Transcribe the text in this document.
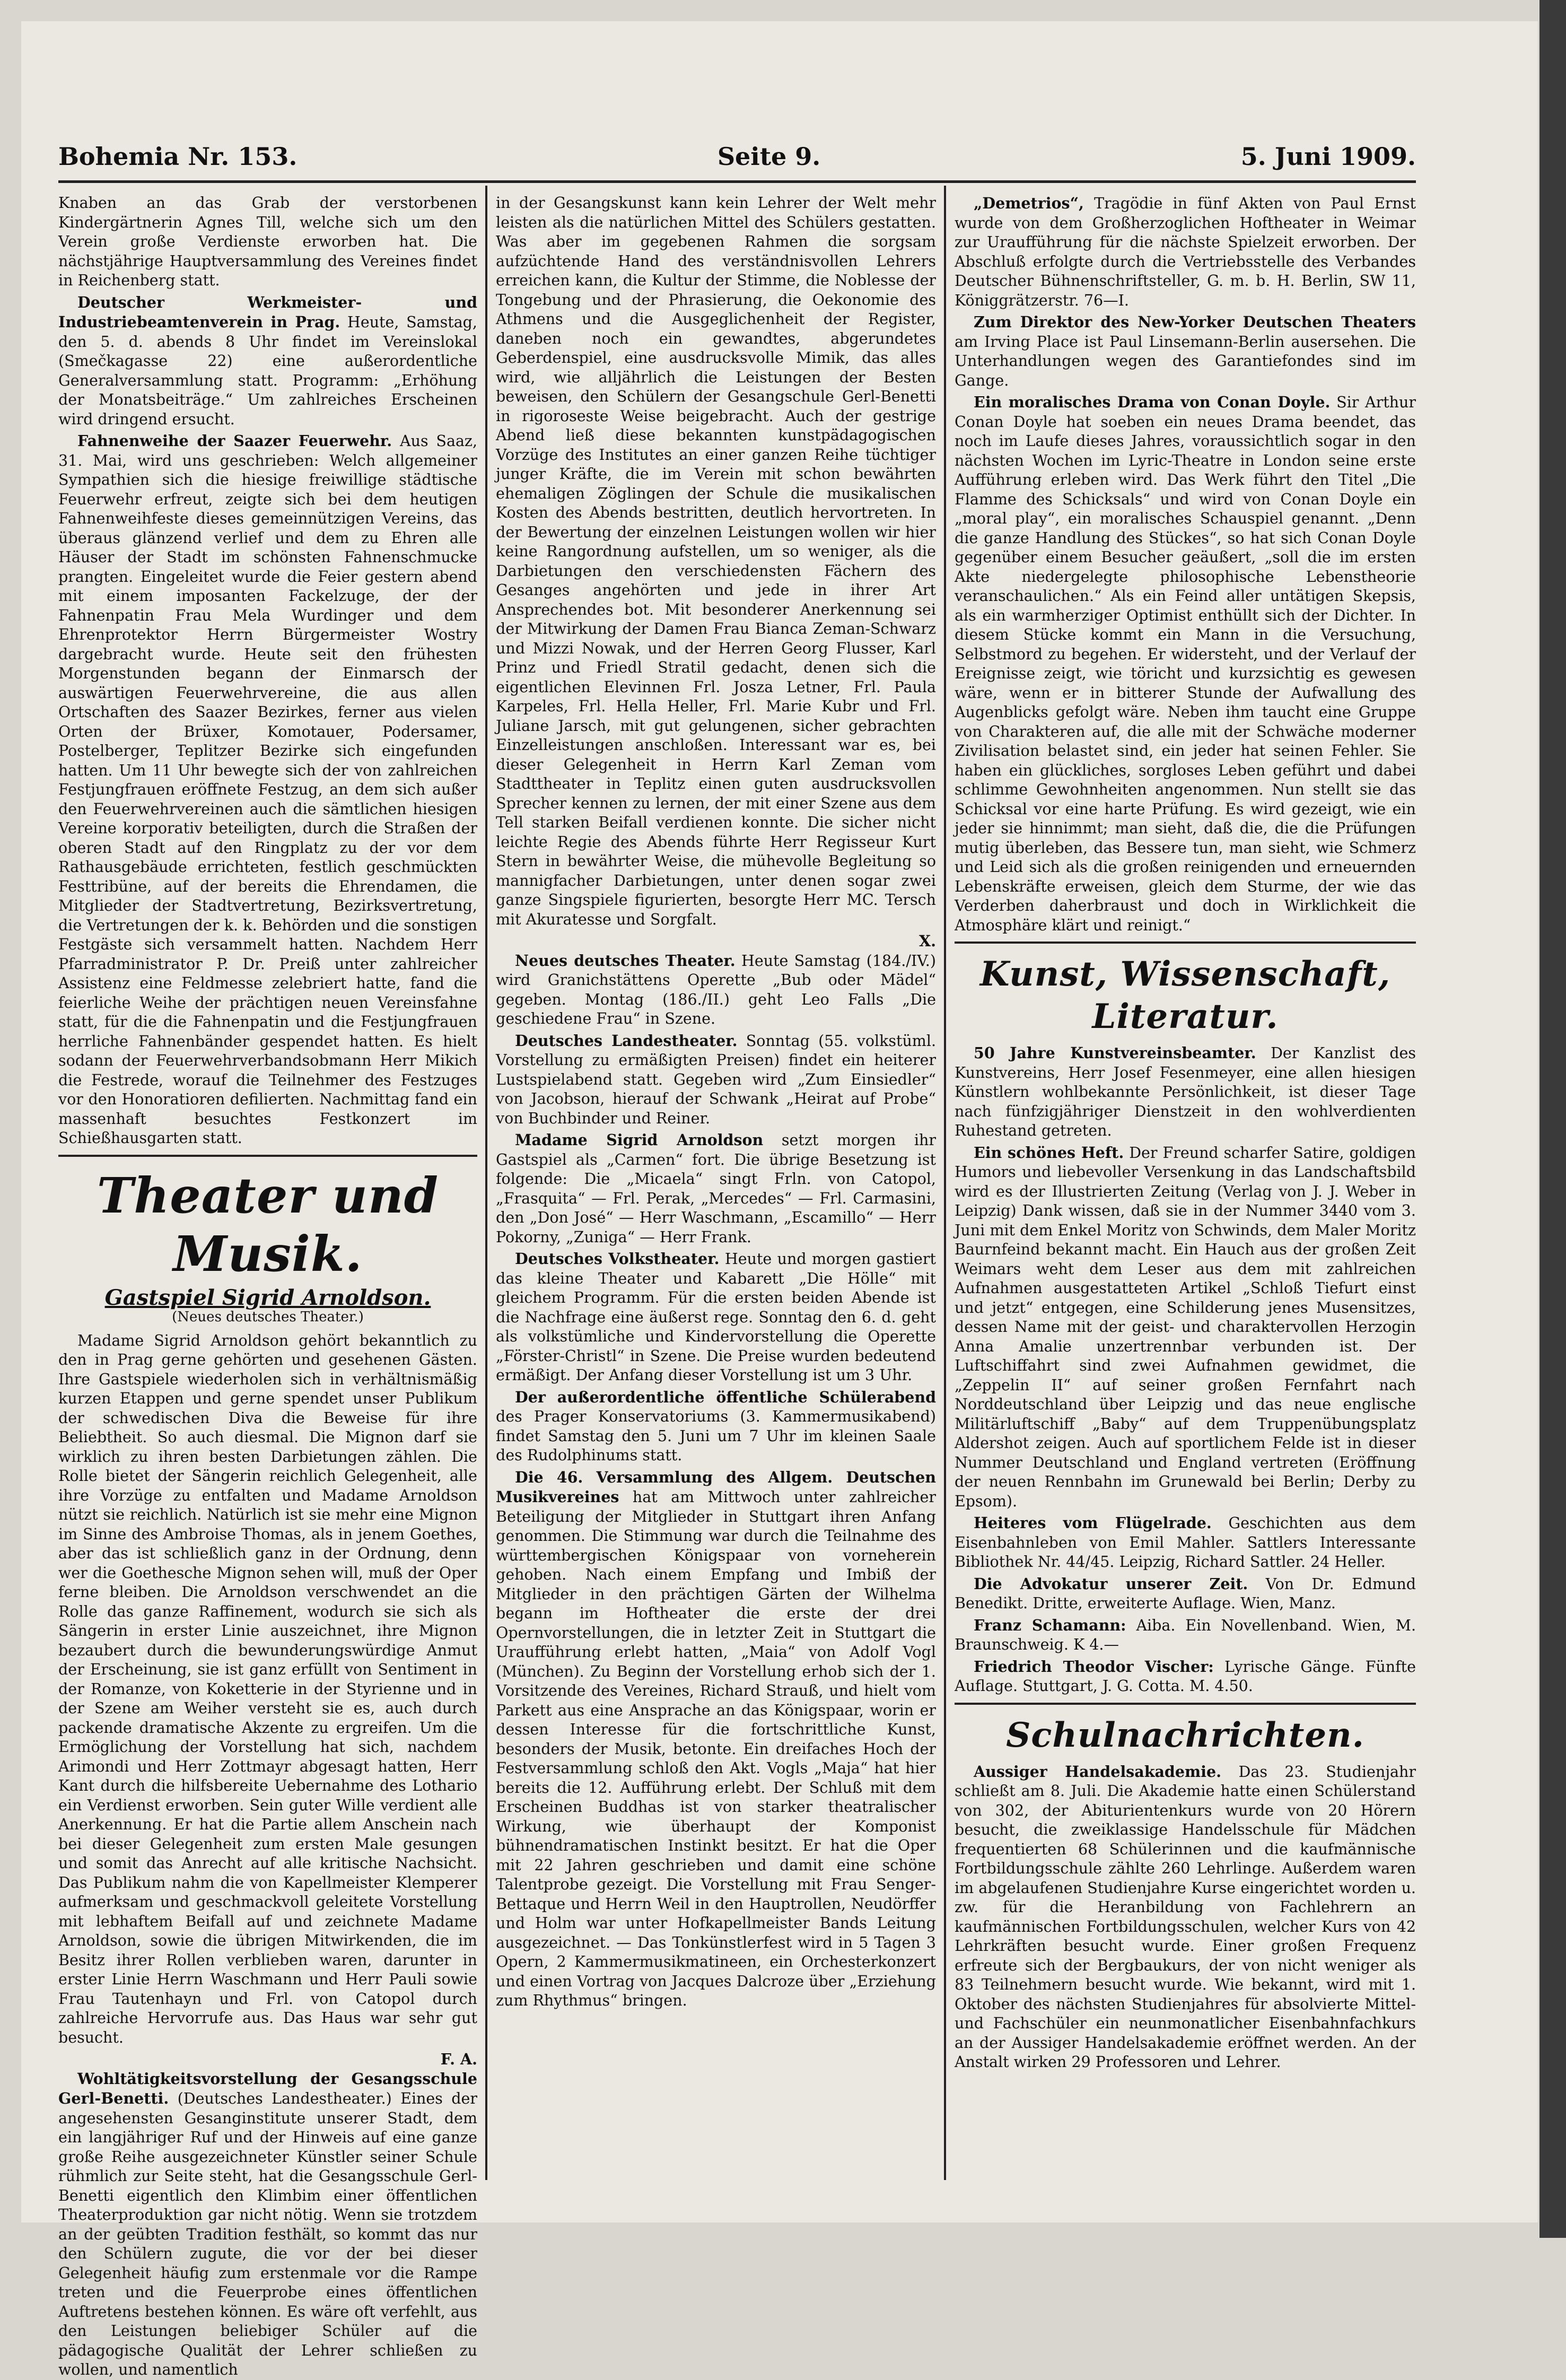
Bohemia Nr. 153.	Seite 9.	5. Juni 1909.

Knaben an das Grab der verstorbenen Kindergärtnerin Agnes Till, welche sich um den Verein große Verdienste erworben hat. Die nächstjährige Hauptversammlung des Vereines findet in Reichenberg statt.

Deutscher Werkmeister- und Industriebeamtenverein in Prag. Heute, Samstag, den 5. d. abends 8 Uhr findet im Vereinslokal (Smečkagasse 22) eine außerordentliche Generalversammlung statt. Programm: „Erhöhung der Monatsbeiträge.“ Um zahlreiches Erscheinen wird dringend ersucht.

Fahnenweihe der Saazer Feuerwehr. Aus Saaz, 31. Mai, wird uns geschrieben: Welch allgemeiner Sympathien sich die hiesige freiwillige städtische Feuerwehr erfreut, zeigte sich bei dem heutigen Fahnenweihfeste dieses gemeinnützigen Vereins, das überaus glänzend verlief und dem zu Ehren alle Häuser der Stadt im schönsten Fahnenschmucke prangten. Eingeleitet wurde die Feier gestern abend mit einem imposanten Fackelzuge, der der Fahnenpatin Frau Mela Wurdinger und dem Ehrenprotektor Herrn Bürgermeister Wostry dargebracht wurde. Heute seit den frühesten Morgenstunden begann der Einmarsch der auswärtigen Feuerwehrvereine, die aus allen Ortschaften des Saazer Bezirkes, ferner aus vielen Orten der Brüxer, Komotauer, Podersamer, Postelberger, Teplitzer Bezirke sich eingefunden hatten. Um 11 Uhr bewegte sich der von zahlreichen Festjungfrauen eröffnete Festzug, an dem sich außer den Feuerwehrvereinen auch die sämtlichen hiesigen Vereine korporativ beteiligten, durch die Straßen der oberen Stadt auf den Ringplatz zu der vor dem Rathausgebäude errichteten, festlich geschmückten Festtribüne, auf der bereits die Ehrendamen, die Mitglieder der Stadtvertretung, Bezirksvertretung, die Vertretungen der k. k. Behörden und die sonstigen Festgäste sich versammelt hatten. Nachdem Herr Pfarradministrator P. Dr. Preiß unter zahlreicher Assistenz eine Feldmesse zelebriert hatte, fand die feierliche Weihe der prächtigen neuen Vereinsfahne statt, für die die Fahnenpatin und die Festjungfrauen herrliche Fahnenbänder gespendet hatten. Es hielt sodann der Feuerwehrverbandsobmann Herr Mikich die Festrede, worauf die Teilnehmer des Festzuges vor den Honoratioren defilierten. Nachmittag fand ein massenhaft besuchtes Festkonzert im Schießhausgarten statt.

Theater und Musik.
Gastspiel Sigrid Arnoldson.
(Neues deutsches Theater.)

Madame Sigrid Arnoldson gehört bekanntlich zu den in Prag gerne gehörten und gesehenen Gästen. Ihre Gastspiele wiederholen sich in verhältnismäßig kurzen Etappen und gerne spendet unser Publikum der schwedischen Diva die Beweise für ihre Beliebtheit. So auch diesmal. Die Mignon darf sie wirklich zu ihren besten Darbietungen zählen. Die Rolle bietet der Sängerin reichlich Gelegenheit, alle ihre Vorzüge zu entfalten und Madame Arnoldson nützt sie reichlich. Natürlich ist sie mehr eine Mignon im Sinne des Ambroise Thomas, als in jenem Goethes, aber das ist schließlich ganz in der Ordnung, denn wer die Goethesche Mignon sehen will, muß der Oper ferne bleiben. Die Arnoldson verschwendet an die Rolle das ganze Raffinement, wodurch sie sich als Sängerin in erster Linie auszeichnet, ihre Mignon bezaubert durch die bewunderungswürdige Anmut der Erscheinung, sie ist ganz erfüllt von Sentiment in der Romanze, von Koketterie in der Styrienne und in der Szene am Weiher versteht sie es, auch durch packende dramatische Akzente zu ergreifen. Um die Ermöglichung der Vorstellung hat sich, nachdem Arimondi und Herr Zottmayr abgesagt hatten, Herr Kant durch die hilfsbereite Uebernahme des Lothario ein Verdienst erworben. Sein guter Wille verdient alle Anerkennung. Er hat die Partie allem Anschein nach bei dieser Gelegenheit zum ersten Male gesungen und somit das Anrecht auf alle kritische Nachsicht. Das Publikum nahm die von Kapellmeister Klemperer aufmerksam und geschmackvoll geleitete Vorstellung mit lebhaftem Beifall auf und zeichnete Madame Arnoldson, sowie die übrigen Mitwirkenden, die im Besitz ihrer Rollen verblieben waren, darunter in erster Linie Herrn Waschmann und Herr Pauli sowie Frau Tautenhayn und Frl. von Catopol durch zahlreiche Hervorrufe aus. Das Haus war sehr gut besucht.

F. A.

Wohltätigkeitsvorstellung der Gesangsschule Gerl-Benetti. (Deutsches Landestheater.) Eines der angesehensten Gesanginstitute unserer Stadt, dem ein langjähriger Ruf und der Hinweis auf eine ganze große Reihe ausgezeichneter Künstler seiner Schule rühmlich zur Seite steht, hat die Gesangsschule Gerl-Benetti eigentlich den Klimbim einer öffentlichen Theaterproduktion gar nicht nötig. Wenn sie trotzdem an der geübten Tradition festhält, so kommt das nur den Schülern zugute, die vor der bei dieser Gelegenheit häufig zum erstenmale vor die Rampe treten und die Feuerprobe eines öffentlichen Auftretens bestehen können. Es wäre oft verfehlt, aus den Leistungen beliebiger Schüler auf die pädagogische Qualität der Lehrer schließen zu wollen, und namentlich

in der Gesangskunst kann kein Lehrer der Welt mehr leisten als die natürlichen Mittel des Schülers gestatten. Was aber im gegebenen Rahmen die sorgsam aufzüchtende Hand des verständnisvollen Lehrers erreichen kann, die Kultur der Stimme, die Noblesse der Tongebung und der Phrasierung, die Oekonomie des Athmens und die Ausgeglichenheit der Register, daneben noch ein gewandtes, abgerundetes Geberdenspiel, eine ausdrucksvolle Mimik, das alles wird, wie alljährlich die Leistungen der Besten beweisen, den Schülern der Gesangschule Gerl-Benetti in rigoroseste Weise beigebracht. Auch der gestrige Abend ließ diese bekannten kunstpädagogischen Vorzüge des Institutes an einer ganzen Reihe tüchtiger junger Kräfte, die im Verein mit schon bewährten ehemaligen Zöglingen der Schule die musikalischen Kosten des Abends bestritten, deutlich hervortreten. In der Bewertung der einzelnen Leistungen wollen wir hier keine Rangordnung aufstellen, um so weniger, als die Darbietungen den verschiedensten Fächern des Gesanges angehörten und jede in ihrer Art Ansprechendes bot. Mit besonderer Anerkennung sei der Mitwirkung der Damen Frau Bianca Zeman-Schwarz und Mizzi Nowak, und der Herren Georg Flusser, Karl Prinz und Friedl Stratil gedacht, denen sich die eigentlichen Elevinnen Frl. Josza Letner, Frl. Paula Karpeles, Frl. Hella Heller, Frl. Marie Kubr und Frl. Juliane Jarsch, mit gut gelungenen, sicher gebrachten Einzelleistungen anschloßen. Interessant war es, bei dieser Gelegenheit in Herrn Karl Zeman vom Stadttheater in Teplitz einen guten ausdrucksvollen Sprecher kennen zu lernen, der mit einer Szene aus dem Tell starken Beifall verdienen konnte. Die sicher nicht leichte Regie des Abends führte Herr Regisseur Kurt Stern in bewährter Weise, die mühevolle Begleitung so mannigfacher Darbietungen, unter denen sogar zwei ganze Singspiele figurierten, besorgte Herr MC. Tersch mit Akuratesse und Sorgfalt.

X.

Neues deutsches Theater. Heute Samstag (184./IV.) wird Granichstättens Operette „Bub oder Mädel“ gegeben. Montag (186./II.) geht Leo Falls „Die geschiedene Frau“ in Szene.

Deutsches Landestheater. Sonntag (55. volkstüml. Vorstellung zu ermäßigten Preisen) findet ein heiterer Lustspielabend statt. Gegeben wird „Zum Einsiedler“ von Jacobson, hierauf der Schwank „Heirat auf Probe“ von Buchbinder und Reiner.

Madame Sigrid Arnoldson setzt morgen ihr Gastspiel als „Carmen“ fort. Die übrige Besetzung ist folgende: Die „Micaela“ singt Frln. von Catopol, „Frasquita“ — Frl. Perak, „Mercedes“ — Frl. Carmasini, den „Don José“ — Herr Waschmann, „Escamillo“ — Herr Pokorny, „Zuniga“ — Herr Frank.

Deutsches Volkstheater. Heute und morgen gastiert das kleine Theater und Kabarett „Die Hölle“ mit gleichem Programm. Für die ersten beiden Abende ist die Nachfrage eine äußerst rege. Sonntag den 6. d. geht als volkstümliche und Kindervorstellung die Operette „Förster-Christl“ in Szene. Die Preise wurden bedeutend ermäßigt. Der Anfang dieser Vorstellung ist um 3 Uhr.

Der außerordentliche öffentliche Schülerabend des Prager Konservatoriums (3. Kammermusikabend) findet Samstag den 5. Juni um 7 Uhr im kleinen Saale des Rudolphinums statt.

Die 46. Versammlung des Allgem. Deutschen Musikvereines hat am Mittwoch unter zahlreicher Beteiligung der Mitglieder in Stuttgart ihren Anfang genommen. Die Stimmung war durch die Teilnahme des württembergischen Königspaar von vorneherein gehoben. Nach einem Empfang und Imbiß der Mitglieder in den prächtigen Gärten der Wilhelma begann im Hoftheater die erste der drei Opernvorstellungen, die in letzter Zeit in Stuttgart die Uraufführung erlebt hatten, „Maia“ von Adolf Vogl (München). Zu Beginn der Vorstellung erhob sich der 1. Vorsitzende des Vereines, Richard Strauß, und hielt vom Parkett aus eine Ansprache an das Königspaar, worin er dessen Interesse für die fortschrittliche Kunst, besonders der Musik, betonte. Ein dreifaches Hoch der Festversammlung schloß den Akt. Vogls „Maja“ hat hier bereits die 12. Aufführung erlebt. Der Schluß mit dem Erscheinen Buddhas ist von starker theatralischer Wirkung, wie überhaupt der Komponist bühnendramatischen Instinkt besitzt. Er hat die Oper mit 22 Jahren geschrieben und damit eine schöne Talentprobe gezeigt. Die Vorstellung mit Frau Senger-Bettaque und Herrn Weil in den Hauptrollen, Neudörffer und Holm war unter Hofkapellmeister Bands Leitung ausgezeichnet. — Das Tonkünstlerfest wird in 5 Tagen 3 Opern, 2 Kammermusikmatineen, ein Orchesterkonzert und einen Vortrag von Jacques Dalcroze über „Erziehung zum Rhythmus“ bringen.

„Demetrios“, Tragödie in fünf Akten von Paul Ernst wurde von dem Großherzoglichen Hoftheater in Weimar zur Uraufführung für die nächste Spielzeit erworben. Der Abschluß erfolgte durch die Vertriebsstelle des Verbandes Deutscher Bühnenschriftsteller, G. m. b. H. Berlin, SW 11, Königgrätzerstr. 76—I.

Zum Direktor des New-Yorker Deutschen Theaters am Irving Place ist Paul Linsemann-Berlin ausersehen. Die Unterhandlungen wegen des Garantiefondes sind im Gange.

Ein moralisches Drama von Conan Doyle. Sir Arthur Conan Doyle hat soeben ein neues Drama beendet, das noch im Laufe dieses Jahres, voraussichtlich sogar in den nächsten Wochen im Lyric-Theatre in London seine erste Aufführung erleben wird. Das Werk führt den Titel „Die Flamme des Schicksals“ und wird von Conan Doyle ein „moral play“, ein moralisches Schauspiel genannt. „Denn die ganze Handlung des Stückes“, so hat sich Conan Doyle gegenüber einem Besucher geäußert, „soll die im ersten Akte niedergelegte philosophische Lebenstheorie veranschaulichen.“ Als ein Feind aller untätigen Skepsis, als ein warmherziger Optimist enthüllt sich der Dichter. In diesem Stücke kommt ein Mann in die Versuchung, Selbstmord zu begehen. Er widersteht, und der Verlauf der Ereignisse zeigt, wie töricht und kurzsichtig es gewesen wäre, wenn er in bitterer Stunde der Aufwallung des Augenblicks gefolgt wäre. Neben ihm taucht eine Gruppe von Charakteren auf, die alle mit der Schwäche moderner Zivilisation belastet sind, ein jeder hat seinen Fehler. Sie haben ein glückliches, sorgloses Leben geführt und dabei schlimme Gewohnheiten angenommen. Nun stellt sie das Schicksal vor eine harte Prüfung. Es wird gezeigt, wie ein jeder sie hinnimmt; man sieht, daß die, die die Prüfungen mutig überleben, das Bessere tun, man sieht, wie Schmerz und Leid sich als die großen reinigenden und erneuernden Lebenskräfte erweisen, gleich dem Sturme, der wie das Verderben daherbraust und doch in Wirklichkeit die Atmosphäre klärt und reinigt.“

Kunst, Wissenschaft, Literatur.

50 Jahre Kunstvereinsbeamter. Der Kanzlist des Kunstvereins, Herr Josef Fesenmeyer, eine allen hiesigen Künstlern wohlbekannte Persönlichkeit, ist dieser Tage nach fünfzigjähriger Dienstzeit in den wohlverdienten Ruhestand getreten.

Ein schönes Heft. Der Freund scharfer Satire, goldigen Humors und liebevoller Versenkung in das Landschaftsbild wird es der Illustrierten Zeitung (Verlag von J. J. Weber in Leipzig) Dank wissen, daß sie in der Nummer 3440 vom 3. Juni mit dem Enkel Moritz von Schwinds, dem Maler Moritz Baurnfeind bekannt macht. Ein Hauch aus der großen Zeit Weimars weht dem Leser aus dem mit zahlreichen Aufnahmen ausgestatteten Artikel „Schloß Tiefurt einst und jetzt“ entgegen, eine Schilderung jenes Musensitzes, dessen Name mit der geist- und charaktervollen Herzogin Anna Amalie unzertrennbar verbunden ist. Der Luftschiffahrt sind zwei Aufnahmen gewidmet, die „Zeppelin II“ auf seiner großen Fernfahrt nach Norddeutschland über Leipzig und das neue englische Militärluftschiff „Baby“ auf dem Truppenübungsplatz Aldershot zeigen. Auch auf sportlichem Felde ist in dieser Nummer Deutschland und England vertreten (Eröffnung der neuen Rennbahn im Grunewald bei Berlin; Derby zu Epsom).

Heiteres vom Flügelrade. Geschichten aus dem Eisenbahnleben von Emil Mahler. Sattlers Interessante Bibliothek Nr. 44/45. Leipzig, Richard Sattler. 24 Heller.

Die Advokatur unserer Zeit. Von Dr. Edmund Benedikt. Dritte, erweiterte Auflage. Wien, Manz.

Franz Schamann: Aiba. Ein Novellenband. Wien, M. Braunschweig. K 4.—

Friedrich Theodor Vischer: Lyrische Gänge. Fünfte Auflage. Stuttgart, J. G. Cotta. M. 4.50.

Schulnachrichten.

Aussiger Handelsakademie. Das 23. Studienjahr schließt am 8. Juli. Die Akademie hatte einen Schülerstand von 302, der Abiturientenkurs wurde von 20 Hörern besucht, die zweiklassige Handelsschule für Mädchen frequentierten 68 Schülerinnen und die kaufmännische Fortbildungsschule zählte 260 Lehrlinge. Außerdem waren im abgelaufenen Studienjahre Kurse eingerichtet worden u. zw. für die Heranbildung von Fachlehrern an kaufmännischen Fortbildungsschulen, welcher Kurs von 42 Lehrkräften besucht wurde. Einer großen Frequenz erfreute sich der Bergbaukurs, der von nicht weniger als 83 Teilnehmern besucht wurde. Wie bekannt, wird mit 1. Oktober des nächsten Studienjahres für absolvierte Mittel- und Fachschüler ein neunmonatlicher Eisenbahnfachkurs an der Aussiger Handelsakademie eröffnet werden. An der Anstalt wirken 29 Professoren und Lehrer.
